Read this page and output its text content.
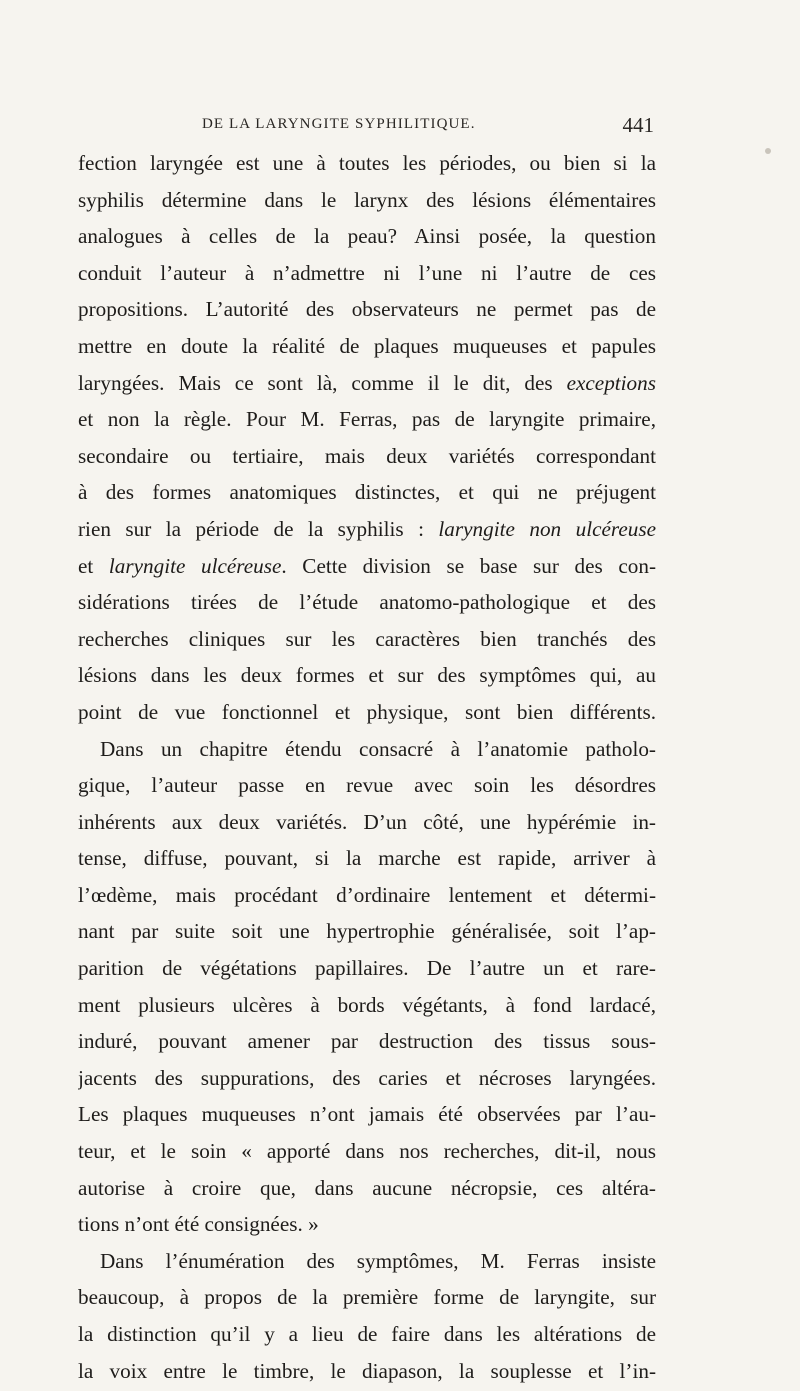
DE LA LARYNGITE SYPHILITIQUE.	441
fection laryngée est une à toutes les périodes, ou bien si la
syphilis détermine dans le larynx des lésions élémentaires
analogues à celles de la peau? Ainsi posée, la question
conduit l’auteur à n’admettre ni l’une ni l’autre de ces
propositions. L’autorité des observateurs ne permet pas de
mettre en doute la réalité de plaques muqueuses et papules
laryngées. Mais ce sont là, comme il le dit, des exceptions
et non la règle. Pour M. Ferras, pas de laryngite primaire,
secondaire ou tertiaire, mais deux variétés correspondant
à des formes anatomiques distinctes, et qui ne préjugent
rien sur la période de la syphilis : laryngite non ulcéreuse
et laryngite ulcéreuse. Cette division se base sur des con-
sidérations tirées de l’étude anatomo-pathologique et des
recherches cliniques sur les caractères bien tranchés des
lésions dans les deux formes et sur des symptômes qui, au
point de vue fonctionnel et physique, sont bien différents.
Dans un chapitre étendu consacré à l’anatomie patholo-
gique, l’auteur passe en revue avec soin les désordres
inhérents aux deux variétés. D’un côté, une hypérémie in-
tense, diffuse, pouvant, si la marche est rapide, arriver à
l’œdème, mais procédant d’ordinaire lentement et détermi-
nant par suite soit une hypertrophie généralisée, soit l’ap-
parition de végétations papillaires. De l’autre un et rare-
ment plusieurs ulcères à bords végétants, à fond lardacé,
induré, pouvant amener par destruction des tissus sous-
jacents des suppurations, des caries et nécroses laryngées.
Les plaques muqueuses n’ont jamais été observées par l’au-
teur, et le soin « apporté dans nos recherches, dit-il, nous
autorise à croire que, dans aucune nécropsie, ces altéra-
tions n’ont été consignées. »
Dans l’énumération des symptômes, M. Ferras insiste
beaucoup, à propos de la première forme de laryngite, sur
la distinction qu’il y a lieu de faire dans les altérations de
la voix entre le timbre, le diapason, la souplesse et l’in-
